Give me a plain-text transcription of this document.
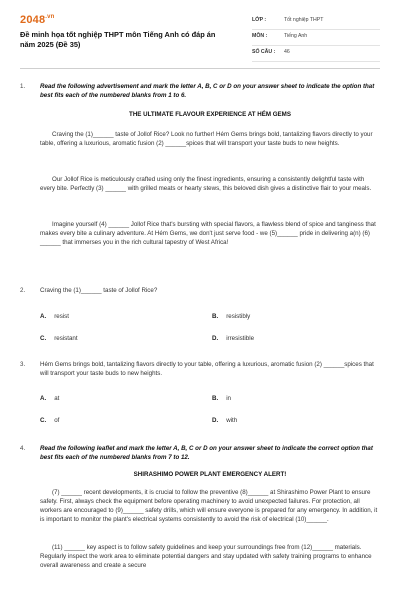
$2048^{.vn}$
Đề minh họa tốt nghiệp THPT môn Tiếng Anh có đáp án năm 2025 (Đề 35)
LỚP :	Tốt nghiệp THPT
MÔN :	Tiếng Anh
SỐ CÂU : 46
1. Read the following advertisement and mark the letter A, B, C or D on your answer sheet to indicate the option that best fits each of the numbered blanks from 1 to 6.
THE ULTIMATE FLAVOUR EXPERIENCE AT HÉM GEMS
Craving the (1)______ taste of Jollof Rice? Look no further! Hém Gems brings bold, tantalizing flavors directly to your table, offering a luxurious, aromatic fusion (2) ______spices that will transport your taste buds to new heights.
Our Jollof Rice is meticulously crafted using only the finest ingredients, ensuring a consistently delightful taste with every bite. Perfectly (3) ______ with grilled meats or hearty stews, this beloved dish gives a distinctive flair to your meals.
Imagine yourself (4) ______ Jollof Rice that's bursting with special flavors, a flawless blend of spice and tanginess that makes every bite a culinary adventure. At Hém Gems, we don't just serve food - we (5)______ pride in delivering a(n) (6) ______ that immerses you in the rich cultural tapestry of West Africa!
2. Craving the (1)______ taste of Jollof Rice?
A. resist	B. resistibly
C. resistant	D. irresistible
3. Hém Gems brings bold, tantalizing flavors directly to your table, offering a luxurious, aromatic fusion (2) ______spices that will transport your taste buds to new heights.
A. at	B. in
C. of	D. with
4. Read the following leaflet and mark the letter A, B, C or D on your answer sheet to indicate the correct option that best fits each of the numbered blanks from 7 to 12.
SHIRASHIMO POWER PLANT EMERGENCY ALERT!
(7) ______ recent developments, it is crucial to follow the preventive (8)______ at Shirashimo Power Plant to ensure safety. First, always check the equipment before operating machinery to avoid unexpected failures. For protection, all workers are encouraged to (9)______ safety drills, which will ensure everyone is prepared for any emergency. In addition, it is important to monitor the plant's electrical systems consistently to avoid the risk of electrical (10)______.
(11) ______ key aspect is to follow safety guidelines and keep your surroundings free from (12)______ materials. Regularly inspect the work area to eliminate potential dangers and stay updated with safety training programs to enhance overall awareness and create a secure
